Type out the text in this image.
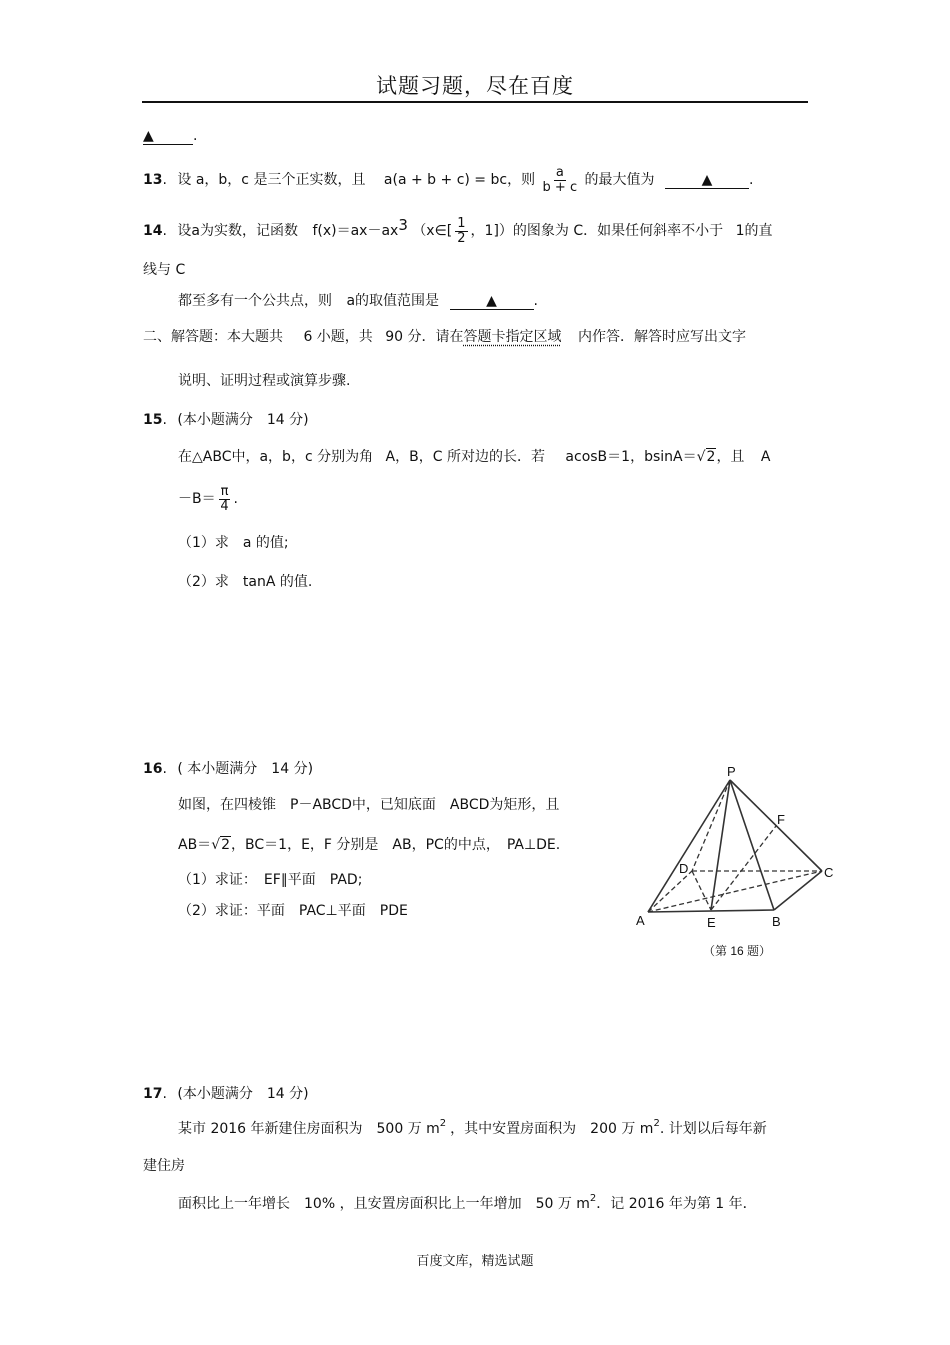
试题习题，尽在百度
▲	.
13. 设 a，b，c 是三个正实数，且 a(a + b + c) = bc，则 $\frac{a}{b + c}$ 的最大值为	▲	.
14. 设a为实数，记函数 f(x)＝ax－ax3 （x∈[ $\frac{1}{2}$ ，1]）的图象为 C．如果任何斜率不小于 1的直
线与 C
都至多有一个公共点，则 a的取值范围是	▲	.
二、解答题：本大题共 6 小题，共 90 分．请在答题卡指定区域 内作答．解答时应写出文字
说明、证明过程或演算步骤.
15. (本小题满分　14 分)
在△ABC中，a，b，c 分别为角 A，B，C 所对边的长．若 acosB＝1，bsinA＝√2，且 A
$-B= \frac{\pi}{4}$ .
（1）求　a 的值;
（2）求　tanA 的值.
16. ( 本小题满分　14 分)
如图，在四棱锥　P－ABCD中，已知底面　ABCD为矩形，且
AB＝√2，BC＝1，E，F 分别是　AB，PC的中点，　PA⊥DE.
（1）求证：　EF∥平面　PAD;
（2）求证：平面　PAC⊥平面　PDE
P
F
D	C
A	E	B
（第 16 题）
17. (本小题满分　14 分)
某市 2016 年新建住房面积为　500 万 $m^2$ ，其中安置房面积为　200 万 $m^2$. 计划以后每年新
建住房
面积比上一年增长　10% ，且安置房面积比上一年增加　50 万 $m^2$．记 2016 年为第 1 年．
百度文库，精选试题
